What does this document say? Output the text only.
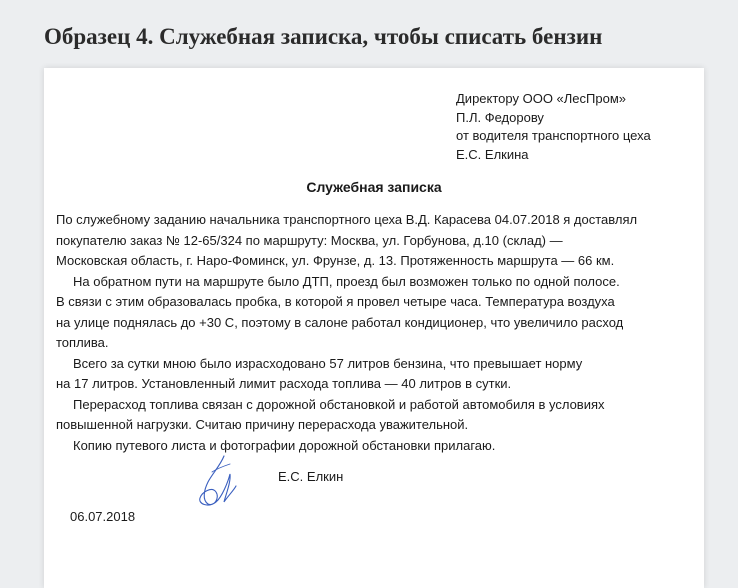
Образец 4. Служебная записка, чтобы списать бензин
Директору ООО «ЛесПром»
П.Л. Федорову
от водителя транспортного цеха
Е.С. Елкина
Служебная записка
По служебному заданию начальника транспортного цеха В.Д. Карасева 04.07.2018 я доставлял
покупателю заказ № 12-65/324 по маршруту: Москва, ул. Горбунова, д.10 (склад) —
Московская область, г. Наро-Фоминск, ул. Фрунзе, д. 13. Протяженность маршрута — 66 км.
На обратном пути на маршруте было ДТП, проезд был возможен только по одной полосе.
В связи с этим образовалась пробка, в которой я провел четыре часа. Температура воздуха
на улице поднялась до +30 С, поэтому в салоне работал кондиционер, что увеличило расход
топлива.
Всего за сутки мною было израсходовано 57 литров бензина, что превышает норму
на 17 литров. Установленный лимит расхода топлива — 40 литров в сутки.
Перерасход топлива связан с дорожной обстановкой и работой автомобиля в условиях
повышенной нагрузки. Считаю причину перерасхода уважительной.
Копию путевого листа и фотографии дорожной обстановки прилагаю.
Е.С. Елкин
06.07.2018
